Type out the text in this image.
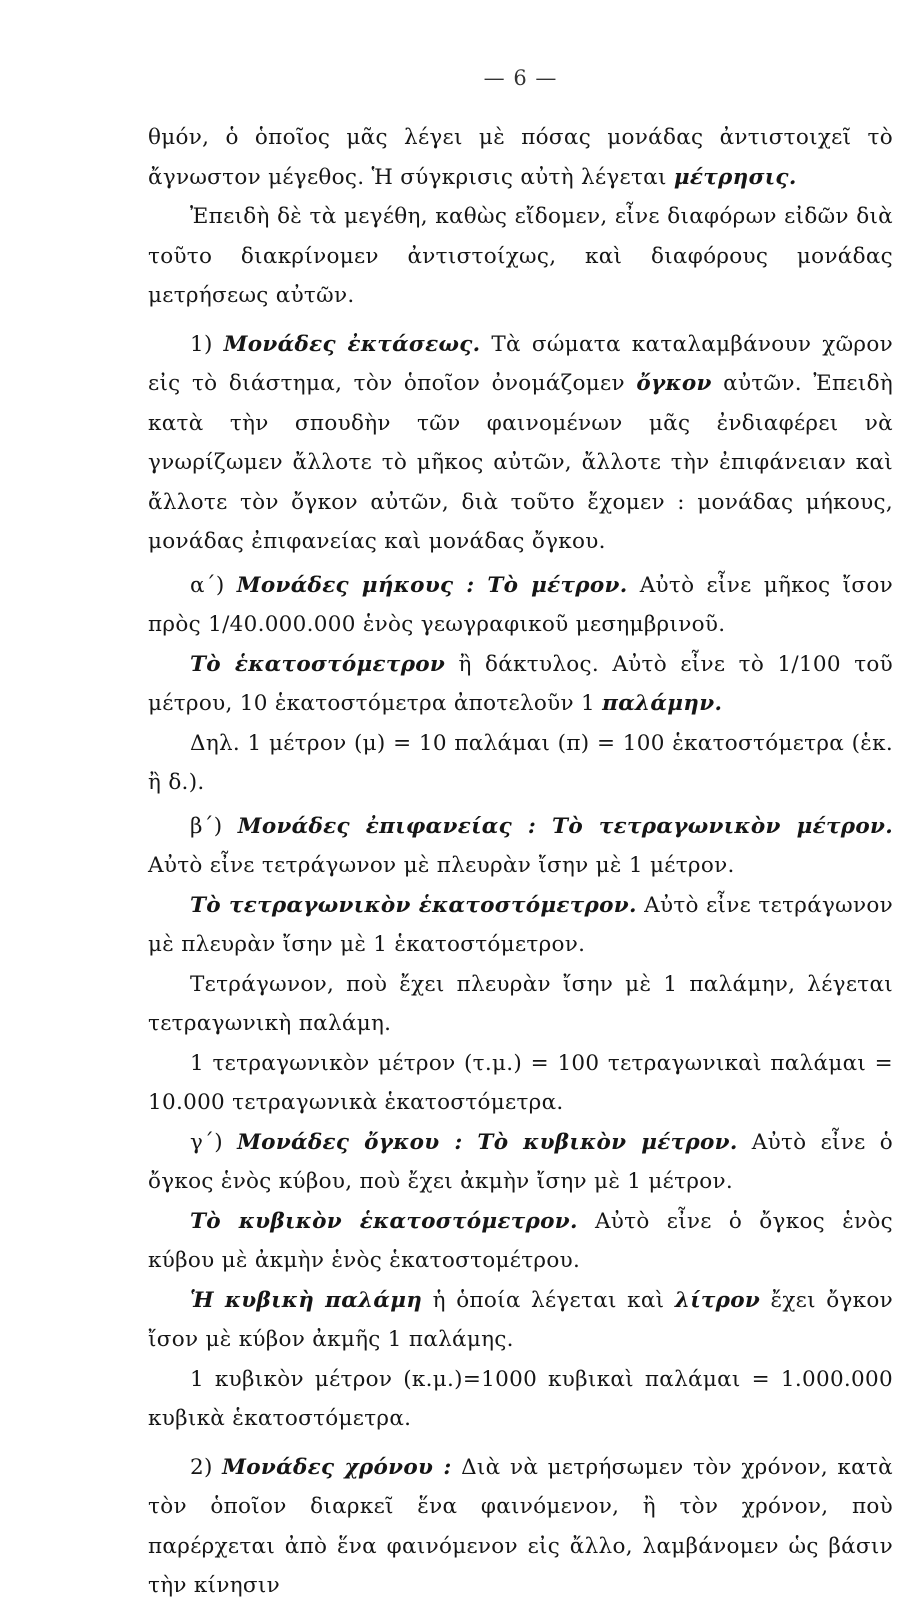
— 6 —

θμόν, ὁ ὁποῖος μᾶς λέγει μὲ πόσας μονάδας ἀντιστοιχεῖ τὸ ἄγνωστον μέγεθος. Ἡ σύγκρισις αὐτὴ λέγεται μέτρησις.

Ἐπειδὴ δὲ τὰ μεγέθη, καθὼς εἴδομεν, εἶνε διαφόρων εἰδῶν διὰ τοῦτο διακρίνομεν ἀντιστοίχως, καὶ διαφόρους μονάδας μετρήσεως αὐτῶν.

1) Μονάδες ἐκτάσεως. Τὰ σώματα καταλαμβάνουν χῶρον εἰς τὸ διάστημα, τὸν ὁποῖον ὀνομάζομεν ὄγκον αὐτῶν. Ἐπειδὴ κατὰ τὴν σπουδὴν τῶν φαινομένων μᾶς ἐνδιαφέρει νὰ γνωρίζωμεν ἄλλοτε τὸ μῆκος αὐτῶν, ἄλλοτε τὴν ἐπιφάνειαν καὶ ἄλλοτε τὸν ὄγκον αὐτῶν, διὰ τοῦτο ἔχομεν : μονάδας μήκους, μονάδας ἐπιφανείας καὶ μονάδας ὄγκου.

α΄) Μονάδες μήκους : Τὸ μέτρον. Αὐτὸ εἶνε μῆκος ἴσον πρὸς 1/40.000.000 ἑνὸς γεωγραφικοῦ μεσημβρινοῦ.

Τὸ ἑκατοστόμετρον ἢ δάκτυλος. Αὐτὸ εἶνε τὸ 1/100 τοῦ μέτρου, 10 ἑκατοστόμετρα ἀποτελοῦν 1 παλάμην.

Δηλ. 1 μέτρον (μ) = 10 παλάμαι (π) = 100 ἑκατοστόμετρα (ἑκ. ἢ δ.).

β΄) Μονάδες ἐπιφανείας : Τὸ τετραγωνικὸν μέτρον. Αὐτὸ εἶνε τετράγωνον μὲ πλευρὰν ἴσην μὲ 1 μέτρον.

Τὸ τετραγωνικὸν ἑκατοστόμετρον. Αὐτὸ εἶνε τετράγωνον μὲ πλευρὰν ἴσην μὲ 1 ἑκατοστόμετρον.

Τετράγωνον, ποὺ ἔχει πλευρὰν ἴσην μὲ 1 παλάμην, λέγεται τετραγωνικὴ παλάμη.

1 τετραγωνικὸν μέτρον (τ.μ.) = 100 τετραγωνικαὶ παλάμαι = 10.000 τετραγωνικὰ ἑκατοστόμετρα.

γ΄) Μονάδες ὄγκου : Τὸ κυβικὸν μέτρον. Αὐτὸ εἶνε ὁ ὄγκος ἑνὸς κύβου, ποὺ ἔχει ἀκμὴν ἴσην μὲ 1 μέτρον.

Τὸ κυβικὸν ἑκατοστόμετρον. Αὐτὸ εἶνε ὁ ὄγκος ἑνὸς κύβου μὲ ἀκμὴν ἑνὸς ἑκατοστομέτρου.

Ἡ κυβικὴ παλάμη ἡ ὁποία λέγεται καὶ λίτρον ἔχει ὄγκον ἴσον μὲ κύβον ἀκμῆς 1 παλάμης.

1 κυβικὸν μέτρον (κ.μ.)=1000 κυβικαὶ παλάμαι = 1.000.000 κυβικὰ ἑκατοστόμετρα.

2) Μονάδες χρόνου : Διὰ νὰ μετρήσωμεν τὸν χρόνον, κατὰ τὸν ὁποῖον διαρκεῖ ἕνα φαινόμενον, ἢ τὸν χρόνον, ποὺ παρέρχεται ἀπὸ ἕνα φαινόμενον εἰς ἄλλο, λαμβάνομεν ὡς βάσιν τὴν κίνησιν
